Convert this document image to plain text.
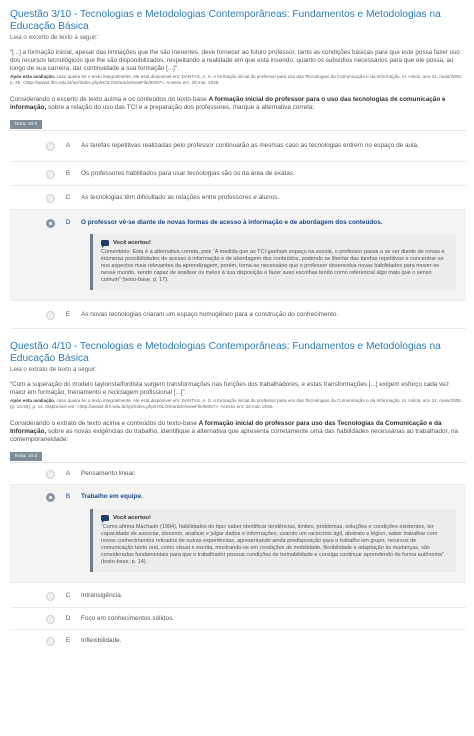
Questão 3/10 - Tecnologias e Metodologias Contemporâneas: Fundamentos e Metodologias na Educação Básica
Leia o excerto de texto a seguir:
“[...] a formação inicial, apesar das limitações que lhe são inerentes, deve fornecer ao futuro professor, tanto as condições básicas para que este possa fazer uso dos recursos tecnológicos que lhe são disponibilizados, respeitando a realidade em que está inserido, quanto os subsídios necessários para que ele possa, ao longo de sua carreira, dar continuidade a sua formação [...]”.
Após esta avaliação, caso queira ler o texto integralmente, ele está disponível em: DANTAS, A. S. A formação inicial do professor para uso das Tecnologias da Comunicação e da Informação. In: Holos, ano 21, maio/2005, p. 25. <http://www2.ifrn.edu.br/ojs/index.php/HOLOS/article/viewFile/50/57>. Acesso em: 29 mar. 2020.
Considerando o excerto de texto acima e os conteúdos do texto-base A formação inicial do professor para o uso das tecnologias de comunicação e informação, sobre a relação do uso das TCI e a preparação dos professores, marque a alternativa correta:
Nota: 10.0
A	As tarefas repetitivas realizadas pelo professor continuarão as mesmas caso as tecnologias entrem no espaço de aula.
B	Os professores habilitados para usar tecnologias são os da área de exatas.
C	As tecnologias têm dificultado as relações entre professores e alunos.
D	O professor vê-se diante de novas formas de acesso à informação e de abordagem dos conteúdos.
Você acertou!
Comentário: Esta é a alternativa correta, pois “A medida que as TCI ganham espaço na escola, o professor passa a se ver diante de novas e inúmeras possibilidades de acesso à informação e de abordagem dos conteúdos, podendo se libertar das tarefas repetitivas e concentrar-se nos aspectos mais relevantes da aprendizagem, porém, torna-se necessário que o professor desenvolva novas habilidades para mover-se nesse mundo, sendo capaz de analisar os meios à sua disposição e fazer suas escolhas tendo como referencial algo mais que o senso comum” (texto-base, p. 17).
E	As novas tecnologias criaram um espaço homogêneo para a construção do conhecimento.
Questão 4/10 - Tecnologias e Metodologias Contemporâneas: Fundamentos e Metodologias na Educação Básica
Leia o extrato de texto a seguir:
“Com a superação do modelo taylorista/fordista surgem transformações nas funções dos trabalhadores, e estas transformações [...] exigem esforço cada vez maior em formação, treinamento e reciclagem profissional [...]”.
Após esta avaliação, caso queira ler o texto integralmente, ele está disponível em: DANTAS, A. S. A formação inicial do professor para uso das Tecnologias da Comunicação e da Informação. In: Holos, ano 21, maio/2005. (p. 13-26), p. 14. Disponível em: <http://www2.ifrn.edu.br/ojs/index.php/HOLOS/article/viewFile/50/57>. Acesso em: 25 mar. 2020.
Considerando o extrato de texto acima e conteúdos do texto-base A formação inicial do professor para uso das Tecnologias da Comunicação e da Informação, sobre as novas exigências do trabalho, identifique a alternativa que apresenta corretamente uma das habilidades necessárias ao trabalhador, na contemporaneidade:
Nota: 10.0
A	Pensamento linear.
B	Trabalho em equipe.
Você acertou!
“Como afirma Machado (1994), habilidades do tipo: saber identificar tendências, limites, problemas, soluções e condições existentes, ter capacidade de associar, discernir, analisar e julgar dados e informações, usando um raciocínio ágil, abstrato e lógico, saber trabalhar com novos conhecimentos retirados de outras experiências, apresentando ainda predisposição para o trabalho em grupo, recursos de comunicação tanto oral, como visual e escrita, mostrando-se em condições de mobilidade, flexibilidade e adaptação às mudanças, são consideradas fundamentais para que o trabalhador possua condições de treinabilidade e consiga continuar aprendendo de forma autônoma” (texto-base, p. 14).
C	Intransigência.
D	Foco em conhecimentos sólidos.
E	Inflexibilidade.
